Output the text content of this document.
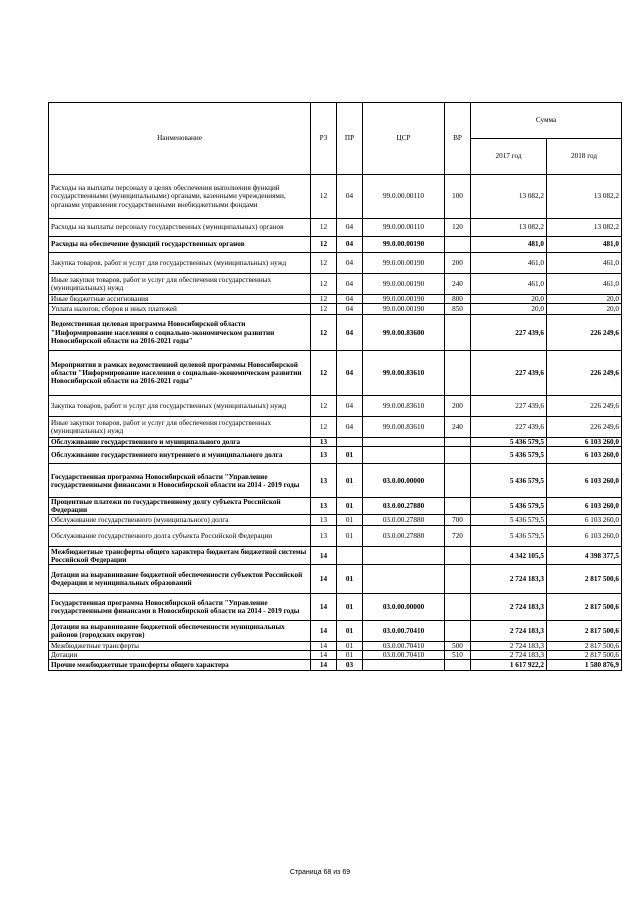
Наименование	РЗ	ПР	ЦСР	ВР	Сумма	
					2017 год	2018 год
Расходы на выплаты персоналу в целях обеспечения выполнения функций государственными (муниципальными) органами, казенными учреждениями, органами управления государственными внебюджетными фондами	12	04	99.0.00.00110	100	13 082,2	13 082,2
Расходы на выплаты персоналу государственных (муниципальных) органов	12	04	99.0.00.00110	120	13 082,2	13 082,2
Расходы на обеспечение функций государственных органов	12	04	99.0.00.00190		481,0	481,0
Закупка товаров, работ и услуг для государственных (муниципальных) нужд	12	04	99.0.00.00190	200	461,0	461,0
Иные закупки товаров, работ и услуг для обеспечения государственных (муниципальных) нужд	12	04	99.0.00.00190	240	461,0	461,0
Иные бюджетные ассигнования	12	04	99.0.00.00190	800	20,0	20,0
Уплата налогов, сборов и иных платежей	12	04	99.0.00.00190	850	20,0	20,0
Ведомственная целевая программа Новосибирской области "Информирование населения о социально-экономическом развитии Новосибирской области на 2016-2021 годы"	12	04	99.0.00.83600		227 439,6	226 249,6
Мероприятия в рамках ведомственной целевой программы Новосибирской области "Информирование населения о социально-экономическом развитии Новосибирской области на 2016-2021 годы"	12	04	99.0.00.83610		227 439,6	226 249,6
Закупка товаров, работ и услуг для государственных (муниципальных) нужд	12	04	99.0.00.83610	200	227 439,6	226 249,6
Иные закупки товаров, работ и услуг для обеспечения государственных (муниципальных) нужд	12	04	99.0.00.83610	240	227 439,6	226 249,6
Обслуживание государственного и муниципального долга	13				5 436 579,5	6 103 260,0
Обслуживание государственного внутреннего и муниципального долга	13	01			5 436 579,5	6 103 260,0
Государственная программа Новосибирской области "Управление государственными финансами в Новосибирской области на 2014 - 2019 годы	13	01	03.0.00.00000		5 436 579,5	6 103 260,0
Процентные платежи по государственному долгу субъекта Российской Федерации	13	01	03.0.00.27880		5 436 579,5	6 103 260,0
Обслуживание государственного (муниципального) долга	13	01	03.0.00.27880	700	5 436 579,5	6 103 260,0
Обслуживание государственного долга субъекта Российской Федерации	13	01	03.0.00.27880	720	5 436 579,5	6 103 260,0
Межбюджетные трансферты общего характера бюджетам бюджетной системы Российской Федерации	14				4 342 105,5	4 398 377,5
Дотации на выравнивание бюджетной обеспеченности субъектов Российской Федерации и муниципальных образований	14	01			2 724 183,3	2 817 500,6
Государственная программа Новосибирской области "Управление государственными финансами в Новосибирской области на 2014 - 2019 годы	14	01	03.0.00.00000		2 724 183,3	2 817 500,6
Дотации на выравнивание бюджетной обеспеченности муниципальных районов (городских округов)	14	01	03.0.00.70410		2 724 183,3	2 817 500,6
Межбюджетные трансферты	14	01	03.0.00.70410	500	2 724 183,3	2 817 500,6
Дотации	14	01	03.0.00.70410	510	2 724 183,3	2 817 500,6
Прочие межбюджетные трансферты общего характера	14	03			1 617 922,2	1 580 876,9
Страница 68 из 69
